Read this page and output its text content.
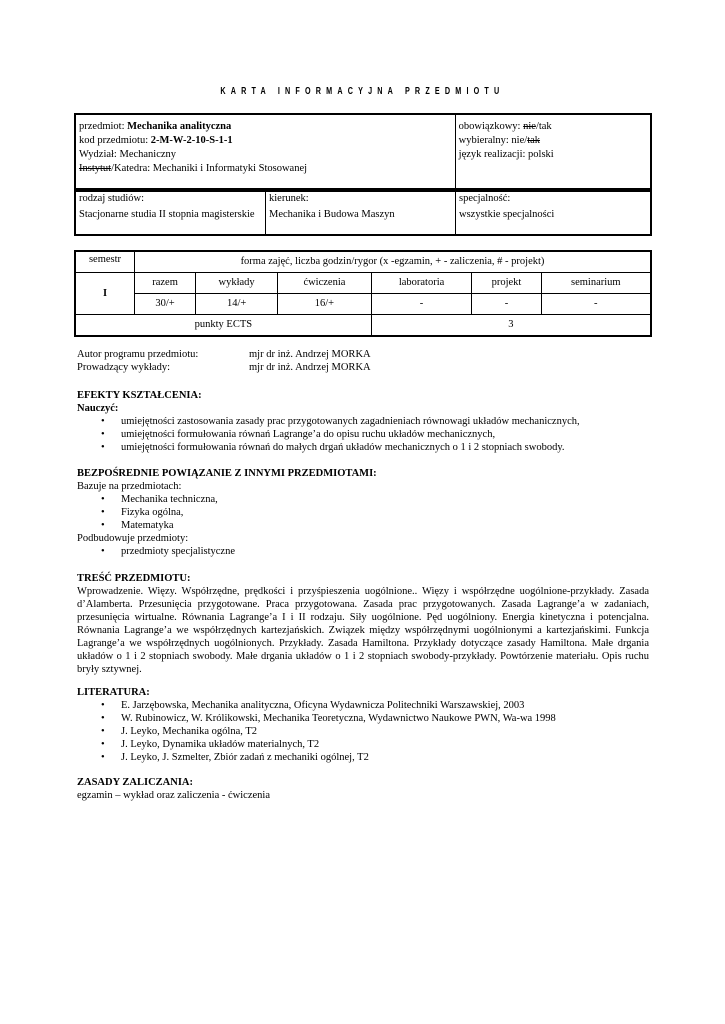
KARTA INFORMACYJNA PRZEDMIOTU
przedmiot: Mechanika analityczna
kod przedmiotu: 2-M-W-2-10-S-1-1
Wydział: Mechaniczny
Instytut/Katedra: Mechaniki i Informatyki Stosowanej

obowiązkowy: nie/tak
wybieralny: nie/tak
język realizacji: polski
rodzaj studiów:
Stacjonarne studia II stopnia magisterskie

kierunek:
Mechanika i Budowa Maszyn

specjalność:
wszystkie specjalności
semestr	forma zajęć, liczba godzin/rygor (x -egzamin, + - zaliczenia, # - projekt)					
I	razem	wykłady	ćwiczenia	laboratoria	projekt	seminarium
	30/+	14/+	16/+	-	-	-
punkty ECTS				3		
Autor programu przedmiotu:	mjr dr inż. Andrzej MORKA
Prowadzący wykłady:	mjr dr inż. Andrzej MORKA
EFEKTY KSZTAŁCENIA:
Nauczyć:
• umiejętności zastosowania zasady prac przygotowanych zagadnieniach równowagi układów mechanicznych,
• umiejętności formułowania równań Lagrange’a do opisu ruchu układów mechanicznych,
• umiejętności formułowania równań do małych drgań układów mechanicznych o 1 i 2 stopniach swobody.
BEZPOŚREDNIE POWIĄZANIE Z INNYMI PRZEDMIOTAMI:
Bazuje na przedmiotach:
• Mechanika techniczna,
• Fizyka ogólna,
• Matematyka
Podbudowuje przedmioty:
• przedmioty specjalistyczne
TREŚĆ PRZEDMIOTU:
Wprowadzenie. Więzy. Współrzędne, prędkości i przyśpieszenia uogólnione.. Więzy i współrzędne uogólnione-przykłady. Zasada d’Alamberta. Przesunięcia przygotowane. Praca przygotowana. Zasada prac przygotowanych. Zasada Lagrange’a w zadaniach, przesunięcia wirtualne. Równania Lagrange’a I i II rodzaju. Siły uogólnione. Pęd uogólniony. Energia kinetyczna i potencjalna. Równania Lagrange’a we współrzędnych kartezjańskich. Związek między współrzędnymi uogólnionymi a kartezjańskimi. Funkcja Lagrange’a we współrzędnych uogólnionych. Przykłady. Zasada Hamiltona. Przykłady dotyczące zasady Hamiltona. Małe drgania układów o 1 i 2 stopniach swobody. Małe drgania układów o 1 i 2 stopniach swobody-przykłady. Powtórzenie materiału. Opis ruchu bryły sztywnej.
LITERATURA:
• E. Jarzębowska, Mechanika analityczna, Oficyna Wydawnicza Politechniki Warszawskiej, 2003
• W. Rubinowicz, W. Królikowski, Mechanika Teoretyczna, Wydawnictwo Naukowe PWN, Wa-wa 1998
• J. Leyko, Mechanika ogólna, T2
• J. Leyko, Dynamika układów materialnych, T2
• J. Leyko, J. Szmelter, Zbiór zadań z mechaniki ogólnej, T2
ZASADY ZALICZANIA:
egzamin – wykład oraz zaliczenia - ćwiczenia
